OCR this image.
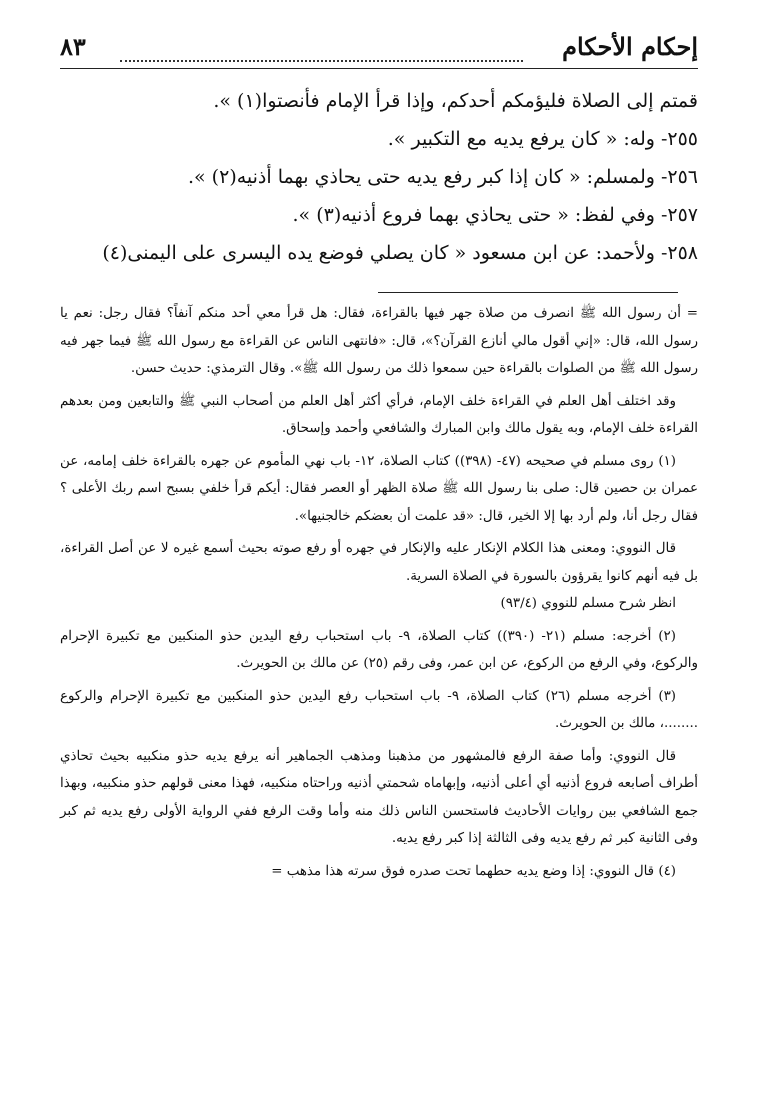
٨٣	إحكام الأحكام

قمتم إلى الصلاة فليؤمكم أحدكم، وإذا قرأ الإمام فأنصتوا(١) ».

٢٥٥- وله: « كان يرفع يديه مع التكبير ».

٢٥٦- ولمسلم: « كان إذا كبر رفع يديه حتى يحاذي بهما أذنيه(٢) ».

٢٥٧- وفي لفظ: « حتى يحاذي بهما فروع أذنيه(٣) ».

٢٥٨- ولأحمد: عن ابن مسعود « كان يصلي فوضع يده اليسرى على اليمنى(٤)

= أن رسول الله ﷺ انصرف من صلاة جهر فيها بالقراءة، فقال: هل قرأ معي أحد منكم آنفاً؟ فقال رجل: نعم يا رسول الله، قال: «إني أقول مالي أنازع القرآن؟»، قال: «فانتهى الناس عن القراءة مع رسول الله ﷺ فيما جهر فيه رسول الله ﷺ من الصلوات بالقراءة حين سمعوا ذلك من رسول الله ﷺ». وقال الترمذي: حديث حسن.

وقد اختلف أهل العلم في القراءة خلف الإمام، فرأي أكثر أهل العلم من أصحاب النبي ﷺ والتابعين ومن بعدهم القراءة خلف الإمام، وبه يقول مالك وابن المبارك والشافعي وأحمد وإسحاق.

(١) روى مسلم في صحيحه (٤٧- (٣٩٨)) كتاب الصلاة، ١٢- باب نهي المأموم عن جهره بالقراءة خلف إمامه، عن عمران بن حصين قال: صلى بنا رسول الله ﷺ صلاة الظهر أو العصر فقال: أيكم قرأ خلفي بسبح اسم ربك الأعلى ؟ فقال رجل أنا، ولم أرد بها إلا الخير، قال: «قد علمت أن بعضكم خالجنيها».

قال النووي: ومعنى هذا الكلام الإنكار عليه والإنكار في جهره أو رفع صوته بحيث أسمع غيره لا عن أصل القراءة، بل فيه أنهم كانوا يقرؤون بالسورة في الصلاة السرية.

انظر شرح مسلم للنووي (٩٣/٤)

(٢) أخرجه: مسلم (٢١- (٣٩٠)) كتاب الصلاة، ٩- باب استحباب رفع اليدين حذو المنكبين مع تكبيرة الإحرام والركوع، وفي الرفع من الركوع، عن ابن عمر، وفى رقم (٢٥) عن مالك بن الحويرث.

(٣) أخرجه مسلم (٢٦) كتاب الصلاة، ٩- باب استحباب رفع اليدين حذو المنكبين مع تكبيرة الإحرام والركوع ........، مالك بن الحويرث.

قال النووي: وأما صفة الرفع فالمشهور من مذهبنا ومذهب الجماهير أنه يرفع يديه حذو منكبيه بحيث تحاذي أطراف أصابعه فروع أذنيه أي أعلى أذنيه، وإبهاماه شحمتي أذنيه وراحتاه منكبيه، فهذا معنى قولهم حذو منكبيه، وبهذا جمع الشافعي بين روايات الأحاديث فاستحسن الناس ذلك منه وأما وقت الرفع ففي الرواية الأولى رفع يديه ثم كبر وفى الثانية كبر ثم رفع يديه وفى الثالثة إذا كبر رفع يديه.

(٤) قال النووي: إذا وضع يديه حطهما تحت صدره فوق سرته هذا مذهب =
